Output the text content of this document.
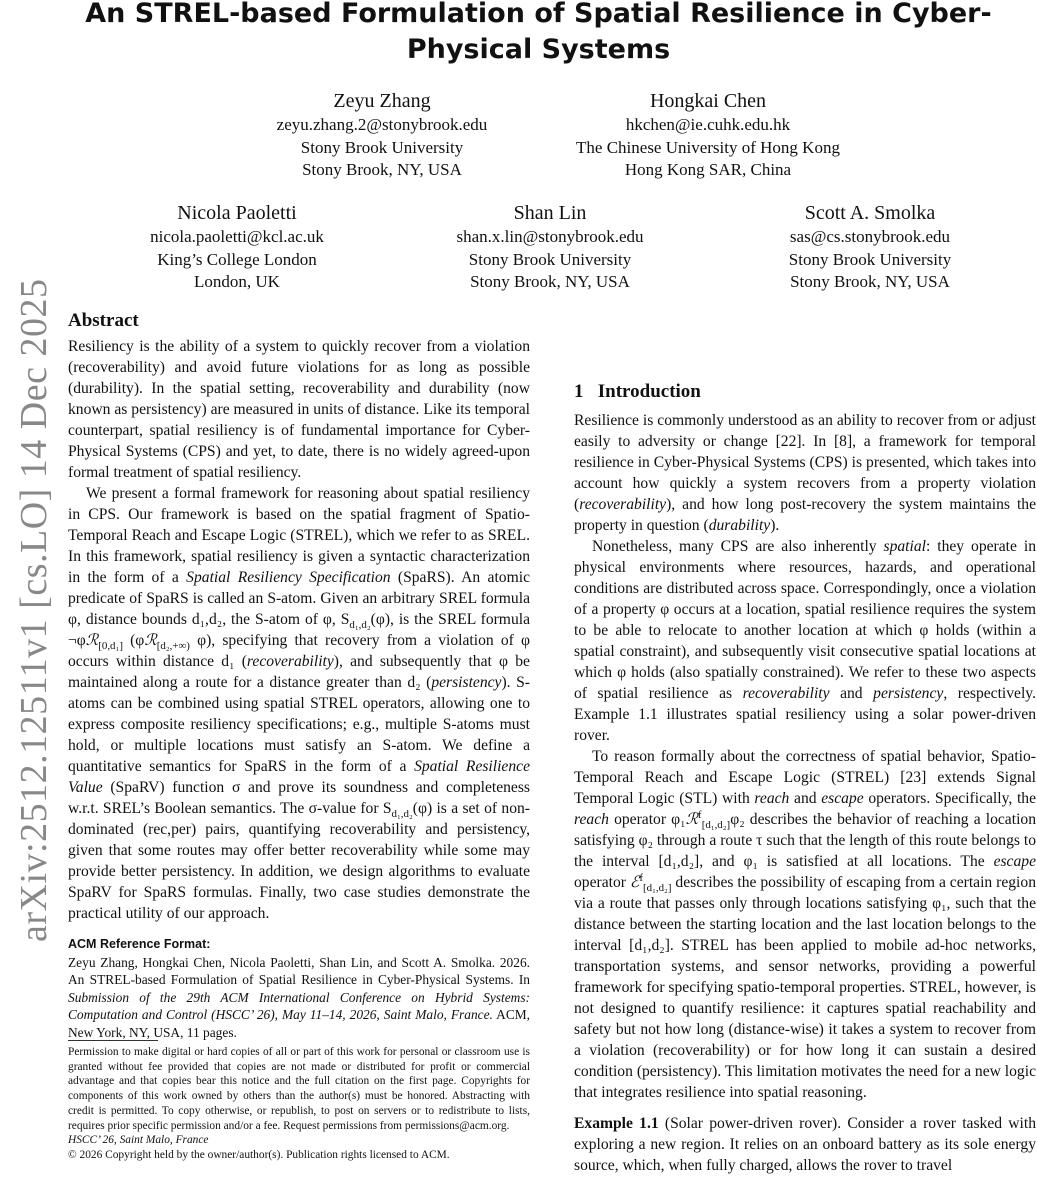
arXiv:2512.12511v1 [cs.LO] 14 Dec 2025
An STREL-based Formulation of Spatial Resilience in Cyber-Physical Systems
Zeyu Zhang
zeyu.zhang.2@stonybrook.edu
Stony Brook University
Stony Brook, NY, USA
Hongkai Chen
hkchen@ie.cuhk.edu.hk
The Chinese University of Hong Kong
Hong Kong SAR, China
Nicola Paoletti
nicola.paoletti@kcl.ac.uk
King’s College London
London, UK
Shan Lin
shan.x.lin@stonybrook.edu
Stony Brook University
Stony Brook, NY, USA
Scott A. Smolka
sas@cs.stonybrook.edu
Stony Brook University
Stony Brook, NY, USA
Abstract

Resiliency is the ability of a system to quickly recover from a violation (recoverability) and avoid future violations for as long as possible (durability). In the spatial setting, recoverability and durability (now known as persistency) are measured in units of distance. Like its temporal counterpart, spatial resiliency is of fundamental importance for Cyber-Physical Systems (CPS) and yet, to date, there is no widely agreed-upon formal treatment of spatial resiliency.

We present a formal framework for reasoning about spatial resiliency in CPS. Our framework is based on the spatial fragment of Spatio-Temporal Reach and Escape Logic (STREL), which we refer to as SREL. In this framework, spatial resiliency is given a syntactic characterization in the form of a Spatial Resiliency Specification (SpaRS). An atomic predicate of SpaRS is called an S-atom. Given an arbitrary SREL formula φ, distance bounds d₁,d₂, the S-atom of φ, $S_{d_1,d_2}(\varphi)$, is the SREL formula ¬φℛ$_{[0,d_1]}$ (φℛ$_{[d_2,+\infty)}$ φ), specifying that recovery from a violation of φ occurs within distance d₁ (recoverability), and subsequently that φ be maintained along a route for a distance greater than d₂ (persistency). S-atoms can be combined using spatial STREL operators, allowing one to express composite resiliency specifications; e.g., multiple S-atoms must hold, or multiple locations must satisfy an S-atom. We define a quantitative semantics for SpaRS in the form of a Spatial Resilience Value (SpaRV) function σ and prove its soundness and completeness w.r.t. SREL’s Boolean semantics. The σ-value for $S_{d_1,d_2}(\varphi)$ is a set of non-dominated (rec,per) pairs, quantifying recoverability and persistency, given that some routes may offer better recoverability while some may provide better persistency. In addition, we design algorithms to evaluate SpaRV for SpaRS formulas. Finally, two case studies demonstrate the practical utility of our approach.

ACM Reference Format:
Zeyu Zhang, Hongkai Chen, Nicola Paoletti, Shan Lin, and Scott A. Smolka. 2026. An STREL-based Formulation of Spatial Resilience in Cyber-Physical Systems. In Submission of the 29th ACM International Conference on Hybrid Systems: Computation and Control (HSCC’ 26), May 11–14, 2026, Saint Malo, France. ACM, New York, NY, USA, 11 pages.
Permission to make digital or hard copies of all or part of this work for personal or classroom use is granted without fee provided that copies are not made or distributed for profit or commercial advantage and that copies bear this notice and the full citation on the first page. Copyrights for components of this work owned by others than the author(s) must be honored. Abstracting with credit is permitted. To copy otherwise, or republish, to post on servers or to redistribute to lists, requires prior specific permission and/or a fee. Request permissions from permissions@acm.org.
HSCC’ 26, Saint Malo, France
© 2026 Copyright held by the owner/author(s). Publication rights licensed to ACM.
1   Introduction

Resilience is commonly understood as an ability to recover from or adjust easily to adversity or change [22]. In [8], a framework for temporal resilience in Cyber-Physical Systems (CPS) is presented, which takes into account how quickly a system recovers from a property violation (recoverability), and how long post-recovery the system maintains the property in question (durability).

Nonetheless, many CPS are also inherently spatial: they operate in physical environments where resources, hazards, and operational conditions are distributed across space. Correspondingly, once a violation of a property φ occurs at a location, spatial resilience requires the system to be able to relocate to another location at which φ holds (within a spatial constraint), and subsequently visit consecutive spatial locations at which φ holds (also spatially constrained). We refer to these two aspects of spatial resilience as recoverability and persistency, respectively. Example 1.1 illustrates spatial resiliency using a solar power-driven rover.

To reason formally about the correctness of spatial behavior, Spatio-Temporal Reach and Escape Logic (STREL) [23] extends Signal Temporal Logic (STL) with reach and escape operators. Specifically, the reach operator φ₁ℛ$^f_{[d_1,d_2]}$φ₂ describes the behavior of reaching a location satisfying φ₂ through a route τ such that the length of this route belongs to the interval [d₁,d₂], and φ₁ is satisfied at all locations. The escape operator ℰ$^f_{[d_1,d_2]}$ describes the possibility of escaping from a certain region via a route that passes only through locations satisfying φ₁, such that the distance between the starting location and the last location belongs to the interval [d₁,d₂]. STREL has been applied to mobile ad-hoc networks, transportation systems, and sensor networks, providing a powerful framework for specifying spatio-temporal properties. STREL, however, is not designed to quantify resilience: it captures spatial reachability and safety but not how long (distance-wise) it takes a system to recover from a violation (recoverability) or for how long it can sustain a desired condition (persistency). This limitation motivates the need for a new logic that integrates resilience into spatial reasoning.

Example 1.1 (Solar power-driven rover). Consider a rover tasked with exploring a new region. It relies on an onboard battery as its sole energy source, which, when fully charged, allows the rover to travel
